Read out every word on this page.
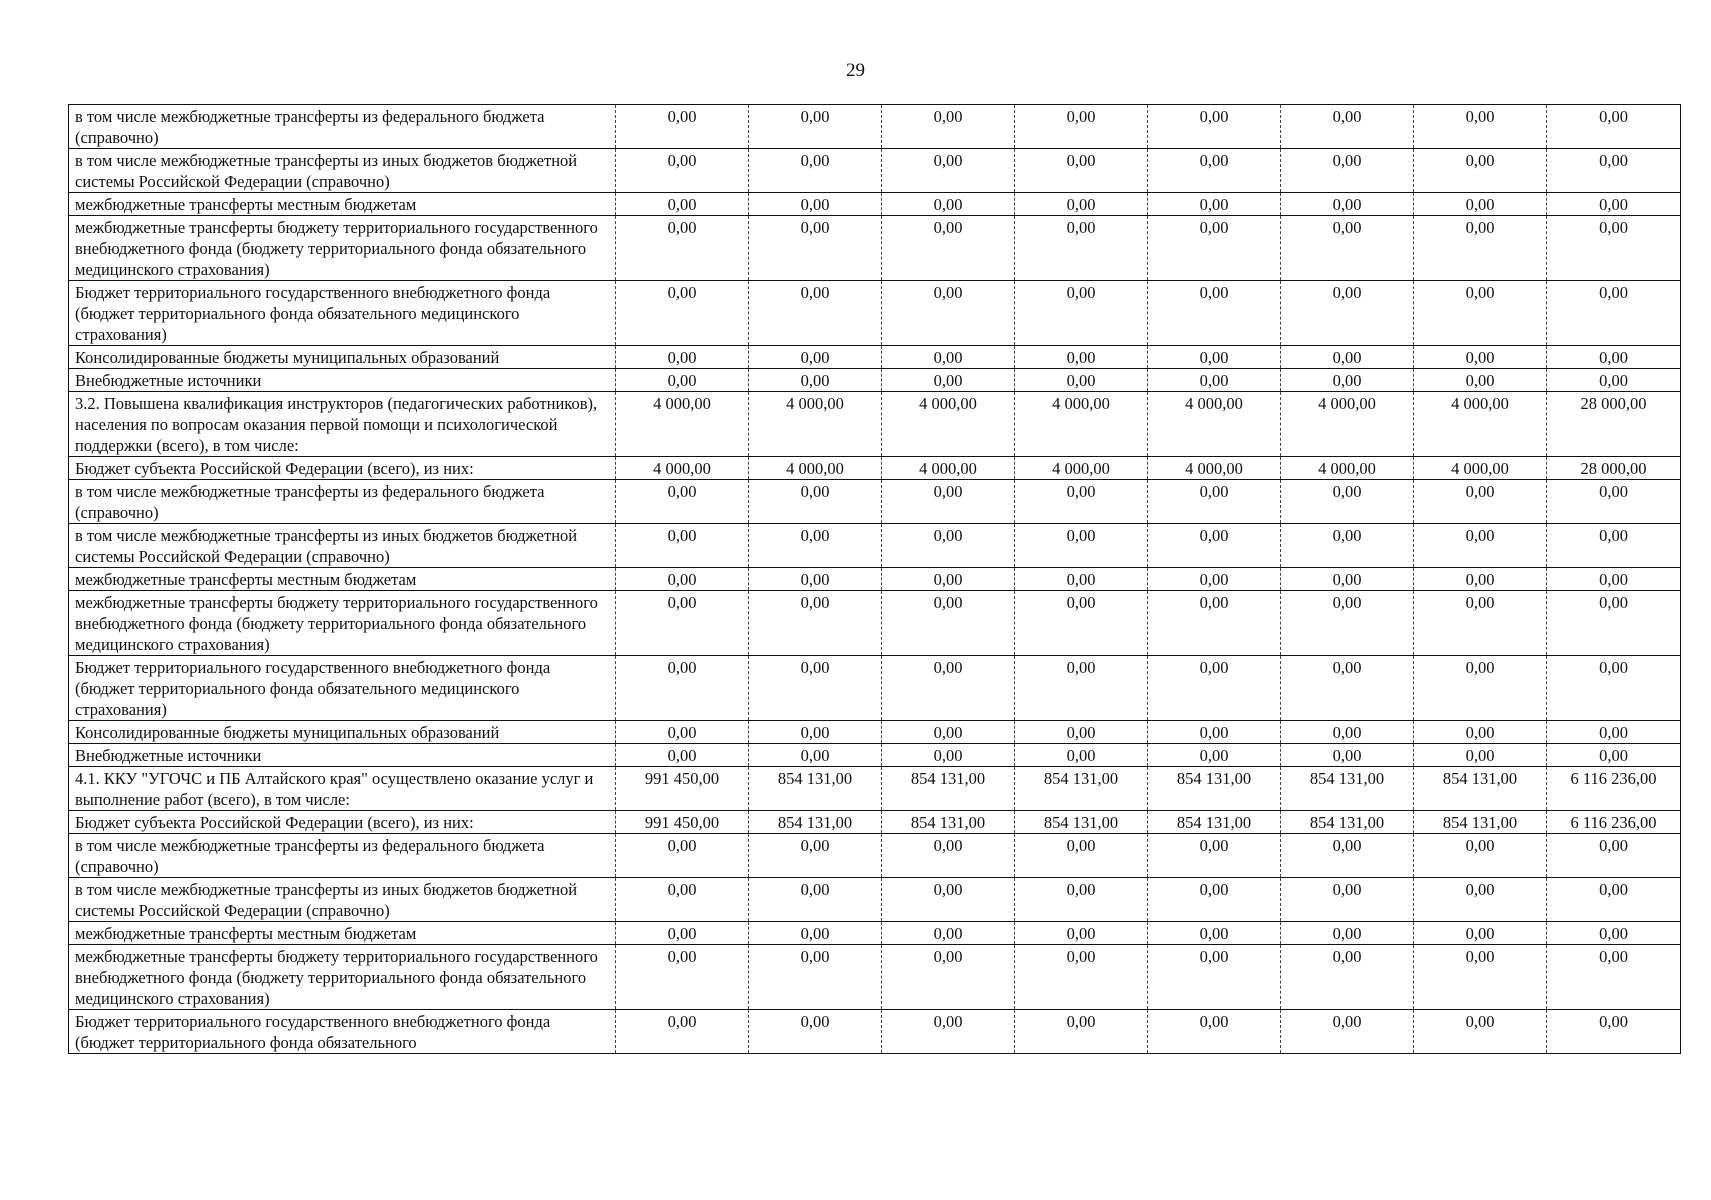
29
в том числе межбюджетные трансферты из федерального бюджета (справочно)	0,00	0,00	0,00	0,00	0,00	0,00	0,00	0,00
в том числе межбюджетные трансферты из иных бюджетов бюджетной системы Российской Федерации (справочно)	0,00	0,00	0,00	0,00	0,00	0,00	0,00	0,00
межбюджетные трансферты местным бюджетам	0,00	0,00	0,00	0,00	0,00	0,00	0,00	0,00
межбюджетные трансферты бюджету территориального государственного внебюджетного фонда (бюджету территориального фонда обязательного медицинского страхования)	0,00	0,00	0,00	0,00	0,00	0,00	0,00	0,00
Бюджет территориального государственного внебюджетного фонда (бюджет территориального фонда обязательного медицинского страхования)	0,00	0,00	0,00	0,00	0,00	0,00	0,00	0,00
Консолидированные бюджеты муниципальных образований	0,00	0,00	0,00	0,00	0,00	0,00	0,00	0,00
Внебюджетные источники	0,00	0,00	0,00	0,00	0,00	0,00	0,00	0,00
3.2. Повышена квалификация инструкторов (педагогических работников), населения по вопросам оказания первой помощи и психологической поддержки (всего), в том числе:	4 000,00	4 000,00	4 000,00	4 000,00	4 000,00	4 000,00	4 000,00	28 000,00
Бюджет субъекта Российской Федерации (всего), из них:	4 000,00	4 000,00	4 000,00	4 000,00	4 000,00	4 000,00	4 000,00	28 000,00
в том числе межбюджетные трансферты из федерального бюджета (справочно)	0,00	0,00	0,00	0,00	0,00	0,00	0,00	0,00
в том числе межбюджетные трансферты из иных бюджетов бюджетной системы Российской Федерации (справочно)	0,00	0,00	0,00	0,00	0,00	0,00	0,00	0,00
межбюджетные трансферты местным бюджетам	0,00	0,00	0,00	0,00	0,00	0,00	0,00	0,00
межбюджетные трансферты бюджету территориального государственного внебюджетного фонда (бюджету территориального фонда обязательного медицинского страхования)	0,00	0,00	0,00	0,00	0,00	0,00	0,00	0,00
Бюджет территориального государственного внебюджетного фонда (бюджет территориального фонда обязательного медицинского страхования)	0,00	0,00	0,00	0,00	0,00	0,00	0,00	0,00
Консолидированные бюджеты муниципальных образований	0,00	0,00	0,00	0,00	0,00	0,00	0,00	0,00
Внебюджетные источники	0,00	0,00	0,00	0,00	0,00	0,00	0,00	0,00
4.1. ККУ "УГОЧС и ПБ Алтайского края" осуществлено оказание услуг и выполнение работ (всего), в том числе:	991 450,00	854 131,00	854 131,00	854 131,00	854 131,00	854 131,00	854 131,00	6 116 236,00
Бюджет субъекта Российской Федерации (всего), из них:	991 450,00	854 131,00	854 131,00	854 131,00	854 131,00	854 131,00	854 131,00	6 116 236,00
в том числе межбюджетные трансферты из федерального бюджета (справочно)	0,00	0,00	0,00	0,00	0,00	0,00	0,00	0,00
в том числе межбюджетные трансферты из иных бюджетов бюджетной системы Российской Федерации (справочно)	0,00	0,00	0,00	0,00	0,00	0,00	0,00	0,00
межбюджетные трансферты местным бюджетам	0,00	0,00	0,00	0,00	0,00	0,00	0,00	0,00
межбюджетные трансферты бюджету территориального государственного внебюджетного фонда (бюджету территориального фонда обязательного медицинского страхования)	0,00	0,00	0,00	0,00	0,00	0,00	0,00	0,00
Бюджет территориального государственного внебюджетного фонда (бюджет территориального фонда обязательного	0,00	0,00	0,00	0,00	0,00	0,00	0,00	0,00
